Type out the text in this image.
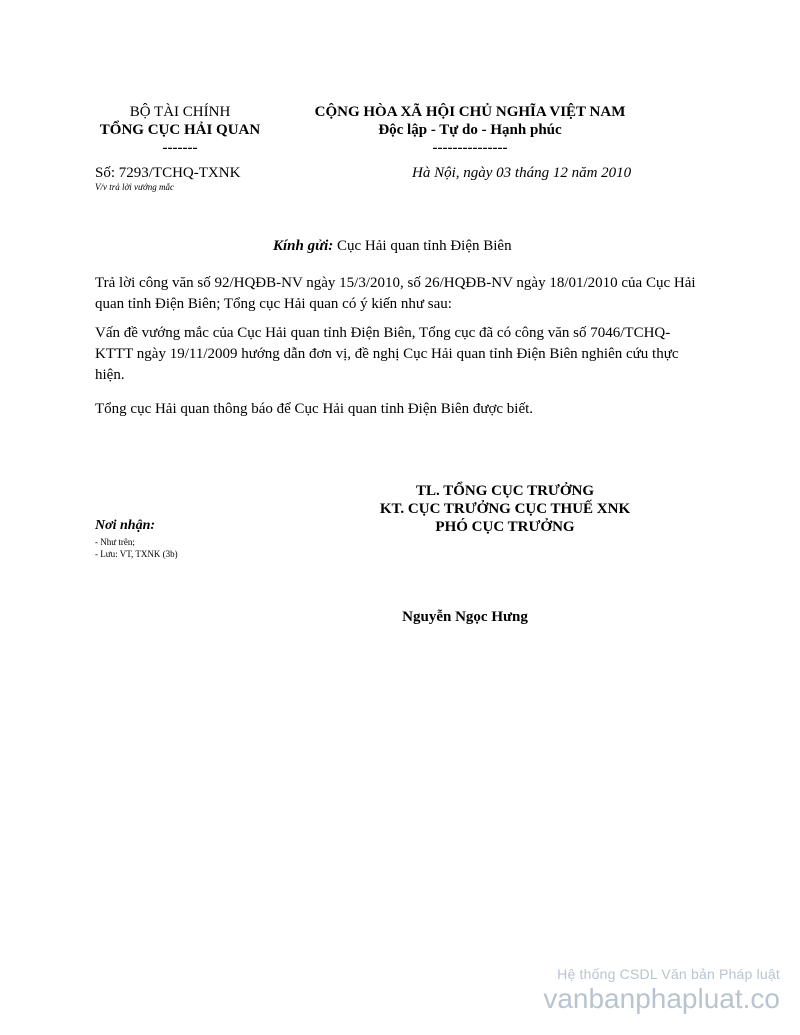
BỘ TÀI CHÍNH
TỔNG CỤC HẢI QUAN
-------
CỘNG HÒA XÃ HỘI CHỦ NGHĨA VIỆT NAM
Độc lập - Tự do - Hạnh phúc
---------------
Số: 7293/TCHQ-TXNK
V/v trả lời vướng mắc
Hà Nội, ngày 03 tháng 12 năm 2010
Kính gửi: Cục Hải quan tỉnh Điện Biên
Trả lời công văn số 92/HQĐB-NV ngày 15/3/2010, số 26/HQĐB-NV ngày 18/01/2010 của Cục Hải quan tỉnh Điện Biên; Tổng cục Hải quan có ý kiến như sau:
Vấn đề vướng mắc của Cục Hải quan tỉnh Điện Biên, Tổng cục đã có công văn số 7046/TCHQ-KTTT ngày 19/11/2009 hướng dẫn đơn vị, đề nghị Cục Hải quan tỉnh Điện Biên nghiên cứu thực hiện.
Tổng cục Hải quan thông báo để Cục Hải quan tỉnh Điện Biên được biết.
TL. TỔNG CỤC TRƯỞNG
KT. CỤC TRƯỞNG CỤC THUẾ XNK
PHÓ CỤC TRƯỞNG
Nguyễn Ngọc Hưng
Nơi nhận:
- Như trên;
- Lưu: VT, TXNK (3b)
Hệ thống CSDL Văn bản Pháp luật
vanbanphapluat.co
